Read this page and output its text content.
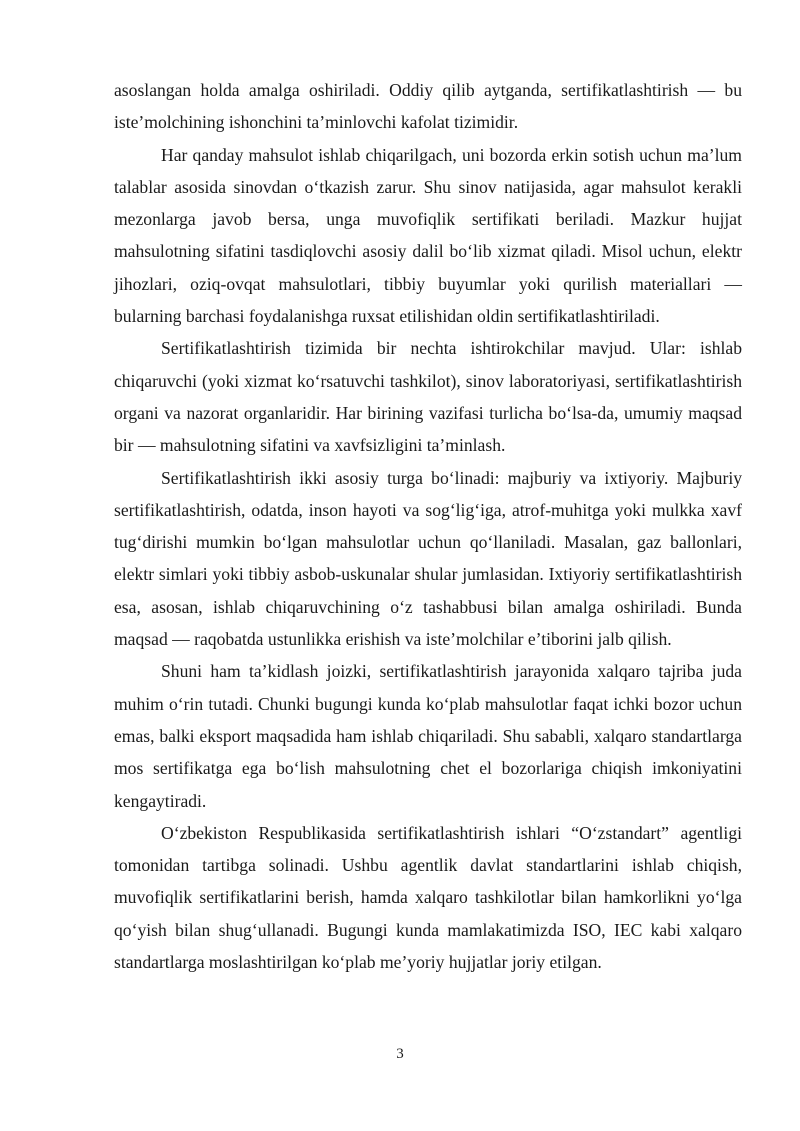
asoslangan holda amalga oshiriladi. Oddiy qilib aytganda, sertifikatlashtirish — bu iste’molchining ishonchini ta’minlovchi kafolat tizimidir.

Har qanday mahsulot ishlab chiqarilgach, uni bozorda erkin sotish uchun ma’lum talablar asosida sinovdan o‘tkazish zarur. Shu sinov natijasida, agar mahsulot kerakli mezonlarga javob bersa, unga muvofiqlik sertifikati beriladi. Mazkur hujjat mahsulotning sifatini tasdiqlovchi asosiy dalil bo‘lib xizmat qiladi. Misol uchun, elektr jihozlari, oziq-ovqat mahsulotlari, tibbiy buyumlar yoki qurilish materiallari — bularning barchasi foydalanishga ruxsat etilishidan oldin sertifikatlashtiriladi.

Sertifikatlashtirish tizimida bir nechta ishtirokchilar mavjud. Ular: ishlab chiqaruvchi (yoki xizmat ko‘rsatuvchi tashkilot), sinov laboratoriyasi, sertifikatlashtirish organi va nazorat organlaridir. Har birining vazifasi turlicha bo‘lsa-da, umumiy maqsad bir — mahsulotning sifatini va xavfsizligini ta’minlash.

Sertifikatlashtirish ikki asosiy turga bo‘linadi: majburiy va ixtiyoriy. Majburiy sertifikatlashtirish, odatda, inson hayoti va sog‘lig‘iga, atrof-muhitga yoki mulkka xavf tug‘dirishi mumkin bo‘lgan mahsulotlar uchun qo‘llaniladi. Masalan, gaz ballonlari, elektr simlari yoki tibbiy asbob-uskunalar shular jumlasidan. Ixtiyoriy sertifikatlashtirish esa, asosan, ishlab chiqaruvchining o‘z tashabbusi bilan amalga oshiriladi. Bunda maqsad — raqobatda ustunlikka erishish va iste’molchilar e’tiborini jalb qilish.

Shuni ham ta’kidlash joizki, sertifikatlashtirish jarayonida xalqaro tajriba juda muhim o‘rin tutadi. Chunki bugungi kunda ko‘plab mahsulotlar faqat ichki bozor uchun emas, balki eksport maqsadida ham ishlab chiqariladi. Shu sababli, xalqaro standartlarga mos sertifikatga ega bo‘lish mahsulotning chet el bozorlariga chiqish imkoniyatini kengaytiradi.

O‘zbekiston Respublikasida sertifikatlashtirish ishlari “O‘zstandart” agentligi tomonidan tartibga solinadi. Ushbu agentlik davlat standartlarini ishlab chiqish, muvofiqlik sertifikatlarini berish, hamda xalqaro tashkilotlar bilan hamkorlikni yo‘lga qo‘yish bilan shug‘ullanadi. Bugungi kunda mamlakatimizda ISO, IEC kabi xalqaro standartlarga moslashtirilgan ko‘plab me’yoriy hujjatlar joriy etilgan.

3
